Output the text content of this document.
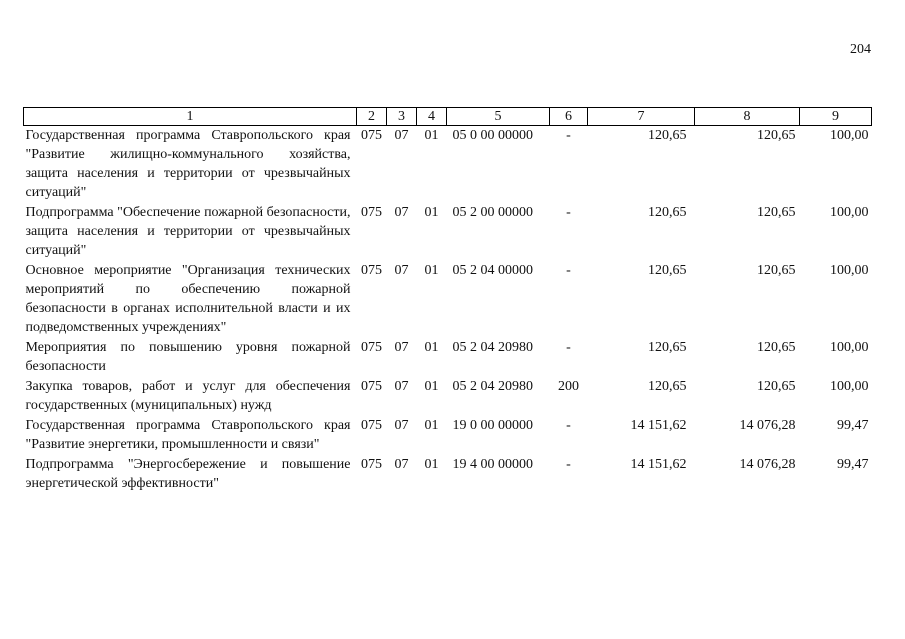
204
1	2	3	4	5	6	7	8	9
Государственная программа Ставропольского края "Развитие жилищно-коммунального хозяйства, защита населения и территории от чрезвычайных ситуаций"	075	07	01	05 0 00 00000	-	120,65	120,65	100,00
Подпрограмма "Обеспечение пожарной безопасности, защита населения и территории от чрезвычайных ситуаций"	075	07	01	05 2 00 00000	-	120,65	120,65	100,00
Основное мероприятие "Организация технических мероприятий по обеспечению пожарной безопасности в органах исполнительной власти и их подведомственных учреждениях"	075	07	01	05 2 04 00000	-	120,65	120,65	100,00
Мероприятия по повышению уровня пожарной безопасности	075	07	01	05 2 04 20980	-	120,65	120,65	100,00
Закупка товаров, работ и услуг для обеспечения государственных (муниципальных) нужд	075	07	01	05 2 04 20980	200	120,65	120,65	100,00
Государственная программа Ставропольского края "Развитие энергетики, промышленности и связи"	075	07	01	19 0 00 00000	-	14 151,62	14 076,28	99,47
Подпрограмма "Энергосбережение и повышение энергетической эффективности"	075	07	01	19 4 00 00000	-	14 151,62	14 076,28	99,47
